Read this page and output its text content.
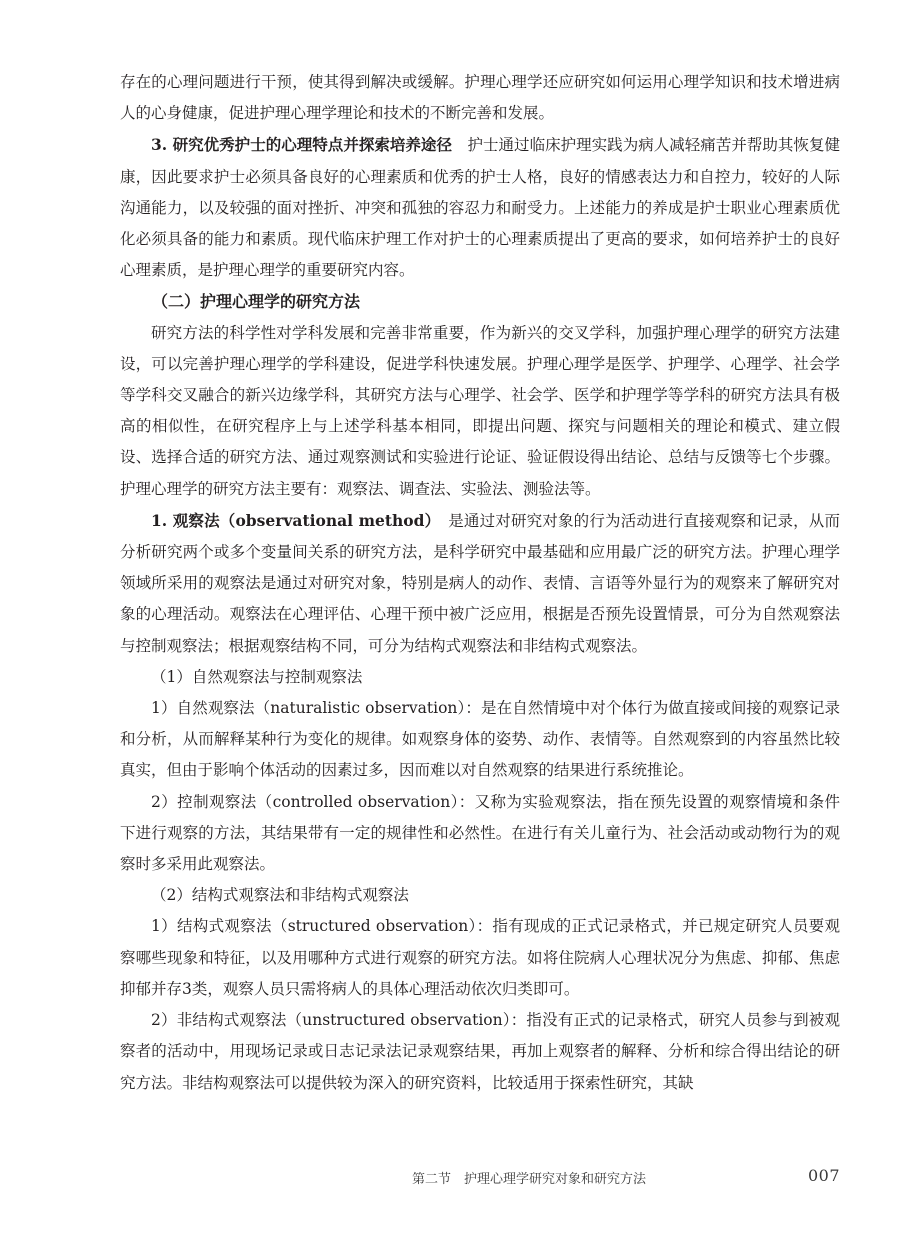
存在的心理问题进行干预，使其得到解决或缓解。护理心理学还应研究如何运用心理学知识和技术增进病人的心身健康，促进护理心理学理论和技术的不断完善和发展。

3. 研究优秀护士的心理特点并探索培养途径　护士通过临床护理实践为病人减轻痛苦并帮助其恢复健康，因此要求护士必须具备良好的心理素质和优秀的护士人格，良好的情感表达力和自控力，较好的人际沟通能力，以及较强的面对挫折、冲突和孤独的容忍力和耐受力。上述能力的养成是护士职业心理素质优化必须具备的能力和素质。现代临床护理工作对护士的心理素质提出了更高的要求，如何培养护士的良好心理素质，是护理心理学的重要研究内容。

（二）护理心理学的研究方法

研究方法的科学性对学科发展和完善非常重要，作为新兴的交叉学科，加强护理心理学的研究方法建设，可以完善护理心理学的学科建设，促进学科快速发展。护理心理学是医学、护理学、心理学、社会学等学科交叉融合的新兴边缘学科，其研究方法与心理学、社会学、医学和护理学等学科的研究方法具有极高的相似性，在研究程序上与上述学科基本相同，即提出问题、探究与问题相关的理论和模式、建立假设、选择合适的研究方法、通过观察测试和实验进行论证、验证假设得出结论、总结与反馈等七个步骤。护理心理学的研究方法主要有：观察法、调查法、实验法、测验法等。

1. 观察法（observational method）　是通过对研究对象的行为活动进行直接观察和记录，从而分析研究两个或多个变量间关系的研究方法，是科学研究中最基础和应用最广泛的研究方法。护理心理学领域所采用的观察法是通过对研究对象，特别是病人的动作、表情、言语等外显行为的观察来了解研究对象的心理活动。观察法在心理评估、心理干预中被广泛应用，根据是否预先设置情景，可分为自然观察法与控制观察法；根据观察结构不同，可分为结构式观察法和非结构式观察法。

（1）自然观察法与控制观察法

1）自然观察法（naturalistic observation）：是在自然情境中对个体行为做直接或间接的观察记录和分析，从而解释某种行为变化的规律。如观察身体的姿势、动作、表情等。自然观察到的内容虽然比较真实，但由于影响个体活动的因素过多，因而难以对自然观察的结果进行系统推论。

2）控制观察法（controlled observation）：又称为实验观察法，指在预先设置的观察情境和条件下进行观察的方法，其结果带有一定的规律性和必然性。在进行有关儿童行为、社会活动或动物行为的观察时多采用此观察法。

（2）结构式观察法和非结构式观察法

1）结构式观察法（structured observation）：指有现成的正式记录格式，并已规定研究人员要观察哪些现象和特征，以及用哪种方式进行观察的研究方法。如将住院病人心理状况分为焦虑、抑郁、焦虑抑郁并存3类，观察人员只需将病人的具体心理活动依次归类即可。

2）非结构式观察法（unstructured observation）：指没有正式的记录格式，研究人员参与到被观察者的活动中，用现场记录或日志记录法记录观察结果，再加上观察者的解释、分析和综合得出结论的研究方法。非结构观察法可以提供较为深入的研究资料，比较适用于探索性研究，其缺

第二节　护理心理学研究对象和研究方法	007
